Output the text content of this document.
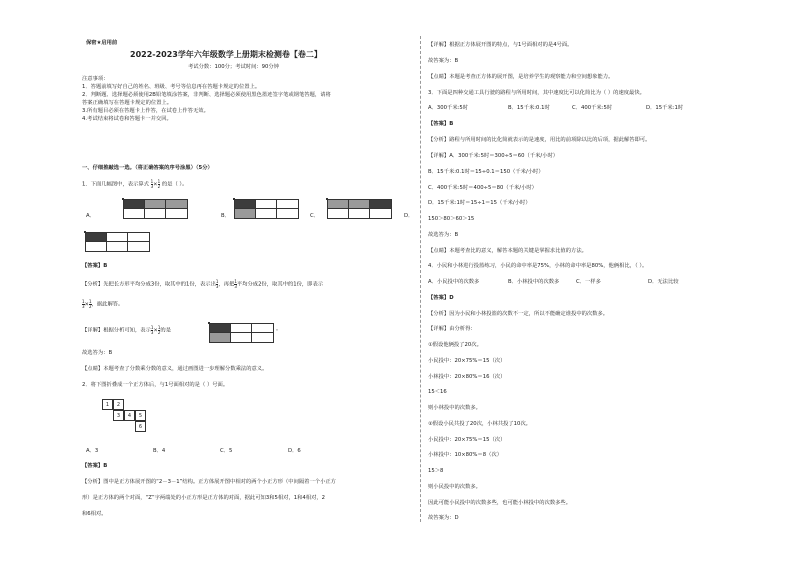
保密★启用前
2022-2023学年六年级数学上册期末检测卷【卷二】
考试分数：100分；考试时间：90分钟
注意事项：
1．答题前填写好自己的姓名、班级、考号等信息再在答题卡规定的位置上。
2．判断题、选择题必须使用2B铅笔填涂答案，非判断、选择题必须使用黑色墨迹签字笔或钢笔答题，请将
答案正确填写在答题卡规定的位置上。
3.所有题目必须在答题卡上作答，在试卷上作答无效。
4.考试结束将试卷和答题卡一并交回。
一、仔细推敲选一选。（将正确答案的序号涂黑）（5分）
1．下面几幅图中，表示算式 $\frac{1}{3} \times \frac{1}{2}$ 的是（ ）。
A．	B．	C．	D．
【答案】B
【分析】先把长方形平均分成3份，取其中的1份，表示出 $\frac{1}{3}$ ，再把 $\frac{1}{3}$ 平均分成2份，取其中的1份，即表示
$\frac{1}{3} \times \frac{1}{2}$ ，据此解答。
【详解】根据分析可知，表示 $\frac{1}{3} \times \frac{1}{2}$ 的是	。
故选答为：B
【点睛】本题考查了分数乘分数的意义，通过画图进一步理解分数乘法的意义。
2．将下图折叠成一个正方体后，与1号面相对的是（ ）号面。
1	2
3	4	5
6
A．3	B．4	C．5	D．6
【答案】B
【分析】图中是正方体展开图的“2－3－1”结构。正方体展开图中相对的两个小正方形（中间隔着一个小正方
形）是正方体的两个对面，“Z”字两端处的小正方形是正方体的对面，据此可知3和5相对，1和4相对，2
和6相对。
【详解】根据正方体展开图的特点，与1号面相对的是4号面。
故答案为：B
【点睛】本题是考查正方体的展开图，是培养学生的观察能力和空间想象能力。
3．下面是四种交通工具行驶的路程与所用时间，其中速度比可以化简比为（ ）的速度最快。
A．300千米:5时	B．15千米:0.1时	C．400千米:5时	D．15千米:1时
【答案】B
【分析】路程与所用时间的比化简就表示的是速度，用比的前项除以比的后项，据此解答即可。
【详解】A．300千米:5时＝300÷5＝60（千米/小时）
B．15千米:0.1时＝15÷0.1＝150（千米/小时）
C．400千米:5时＝400÷5＝80（千米/小时）
D．15千米:1时＝15÷1＝15（千米/小时）
150＞80＞60＞15
故选答为：B
【点睛】本题考查比的意义，解答本题的关键是掌握求比值的方法。
4．小民和小林进行投篮练习，小民的命中率是75%，小林的命中率是80%，他俩相比，（ ）。
A．小民投中的次数多	B．小林投中的次数多	C．一样多	D．无法比较
【答案】D
【分析】因为小民和小林投篮的次数不一定，所以不能确定谁投中的次数多。
【详解】由分析得：
①假设他俩投了20次。
小民投中：20×75%＝15（次）
小林投中：20×80%＝16（次）
15＜16
则小林投中的次数多。
②假设小民共投了20次，小林共投了10次。
小民投中：20×75%＝15（次）
小林投中：10×80%＝8（次）
15＞8
则小民投中的次数多。
因此可能小民投中的次数多些，也可能小林投中的次数多些。
故答案为：D
